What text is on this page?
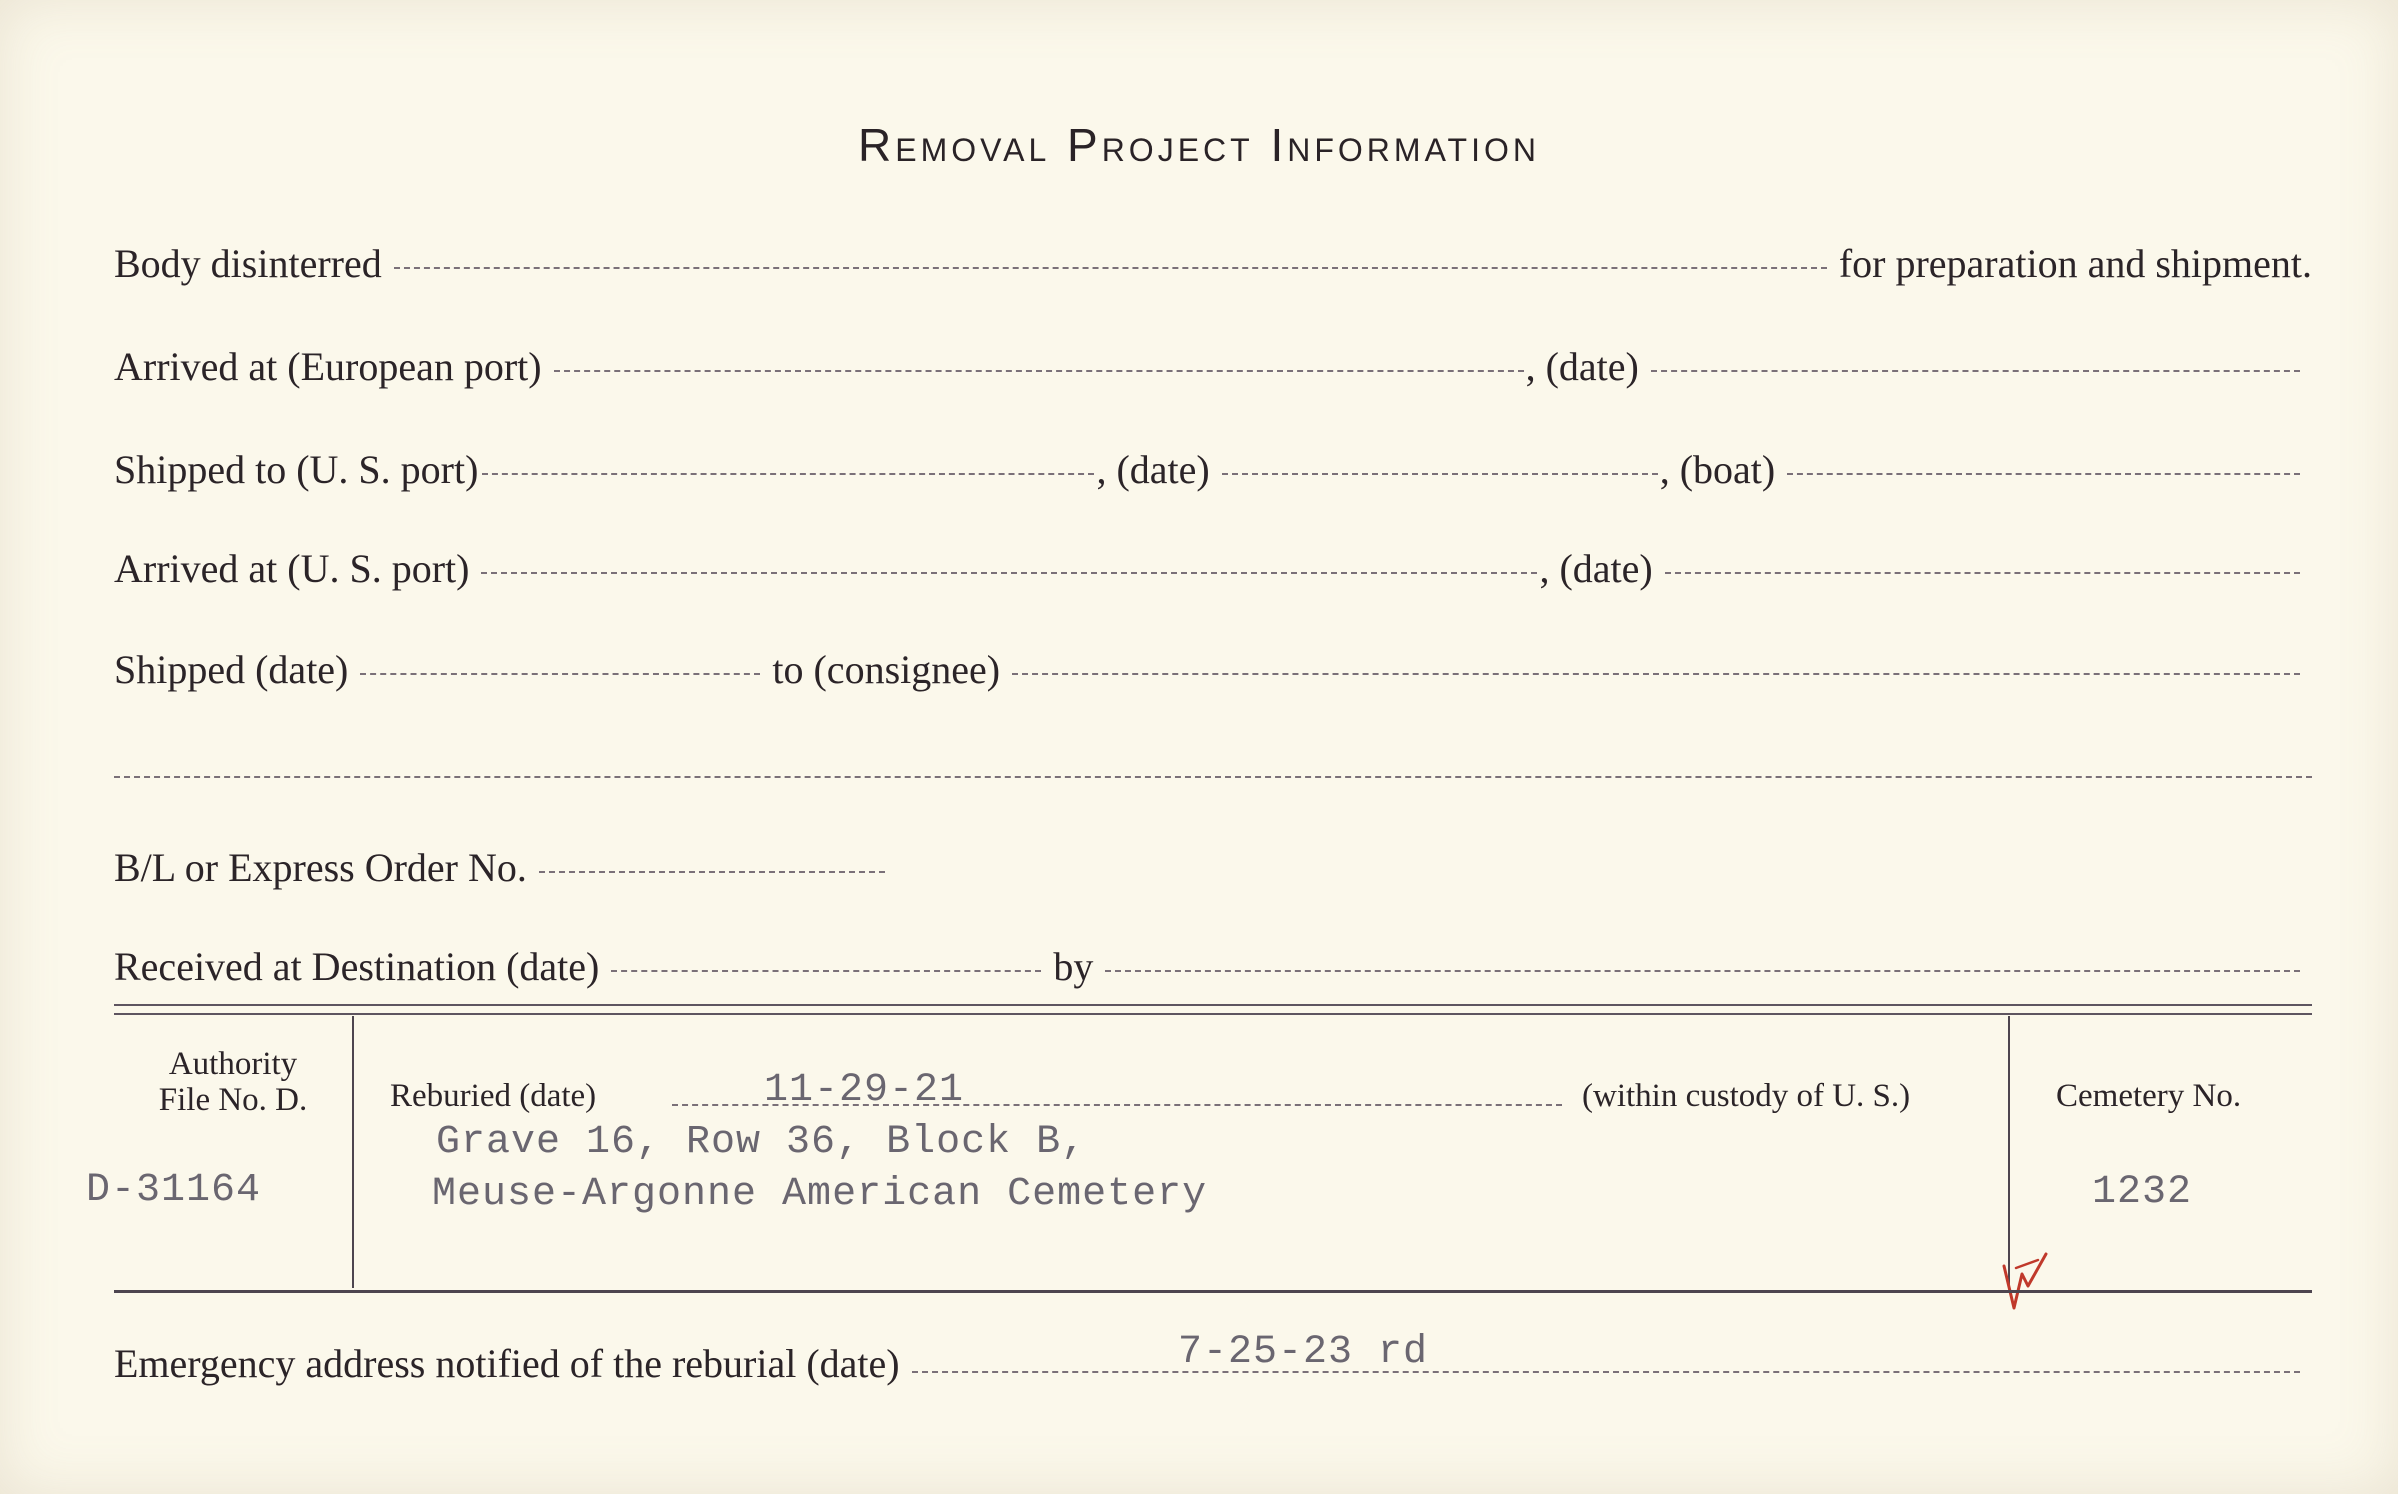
Removal Project Information
Body disinterred	for preparation and shipment.
Arrived at (European port)	, (date)
Shipped to (U. S. port)	, (date)	, (boat)
Arrived at (U. S. port)	, (date)
Shipped (date)	to (consignee)
B/L or Express Order No.
Received at Destination (date)	by
Authority
File No. D.
D-31164
Reburied (date)	11-29-21	(within custody of U. S.)
Grave 16, Row 36, Block B,
Meuse-Argonne American Cemetery
Cemetery No.
1232
Emergency address notified of the reburial (date)	7-25-23 rd
